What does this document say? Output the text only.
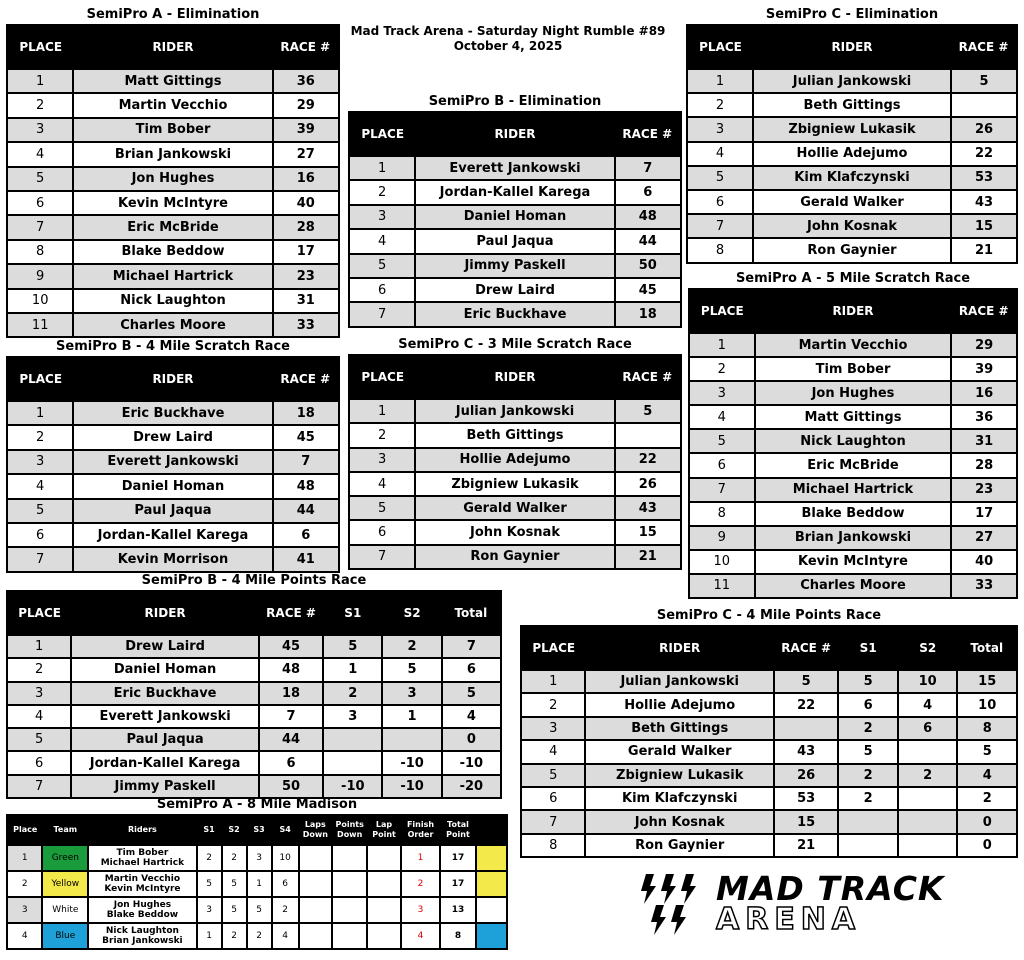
Mad Track Arena - Saturday Night Rumble #89
October 4, 2025
SemiPro A - Elimination
PLACE	RIDER	RACE #
1	Matt Gittings	36
2	Martin Vecchio	29
3	Tim Bober	39
4	Brian Jankowski	27
5	Jon Hughes	16
6	Kevin McIntyre	40
7	Eric McBride	28
8	Blake Beddow	17
9	Michael Hartrick	23
10	Nick Laughton	31
11	Charles Moore	33
SemiPro B - Elimination
PLACE	RIDER	RACE #
1	Everett Jankowski	7
2	Jordan-Kallel Karega	6
3	Daniel Homan	48
4	Paul Jaqua	44
5	Jimmy Paskell	50
6	Drew Laird	45
7	Eric Buckhave	18
SemiPro C - Elimination
PLACE	RIDER	RACE #
1	Julian Jankowski	5
2	Beth Gittings	
3	Zbigniew Lukasik	26
4	Hollie Adejumo	22
5	Kim Klafczynski	53
6	Gerald Walker	43
7	John Kosnak	15
8	Ron Gaynier	21
SemiPro A - 5 Mile Scratch Race
PLACE	RIDER	RACE #
1	Martin Vecchio	29
2	Tim Bober	39
3	Jon Hughes	16
4	Matt Gittings	36
5	Nick Laughton	31
6	Eric McBride	28
7	Michael Hartrick	23
8	Blake Beddow	17
9	Brian Jankowski	27
10	Kevin McIntyre	40
11	Charles Moore	33
SemiPro B - 4 Mile Scratch Race
PLACE	RIDER	RACE #
1	Eric Buckhave	18
2	Drew Laird	45
3	Everett Jankowski	7
4	Daniel Homan	48
5	Paul Jaqua	44
6	Jordan-Kallel Karega	6
7	Kevin Morrison	41
SemiPro C - 3 Mile Scratch Race
PLACE	RIDER	RACE #
1	Julian Jankowski	5
2	Beth Gittings	
3	Hollie Adejumo	22
4	Zbigniew Lukasik	26
5	Gerald Walker	43
6	John Kosnak	15
7	Ron Gaynier	21
SemiPro B - 4 Mile Points Race
PLACE	RIDER	RACE #	S1	S2	Total
1	Drew Laird	45	5	2	7
2	Daniel Homan	48	1	5	6
3	Eric Buckhave	18	2	3	5
4	Everett Jankowski	7	3	1	4
5	Paul Jaqua	44			0
6	Jordan-Kallel Karega	6		-10	-10
7	Jimmy Paskell	50	-10	-10	-20
SemiPro C - 4 Mile Points Race
PLACE	RIDER	RACE #	S1	S2	Total
1	Julian Jankowski	5	5	10	15
2	Hollie Adejumo	22	6	4	10
3	Beth Gittings		2	6	8
4	Gerald Walker	43	5		5
5	Zbigniew Lukasik	26	2	2	4
6	Kim Klafczynski	53	2		2
7	John Kosnak	15			0
8	Ron Gaynier	21			0
SemiPro A - 8 Mile Madison
Place	Team	Riders	S1	S2	S3	S4	Laps Down	Points Down	Lap Point	Finish Order	Total Point	
1	Green	Tim Bober
Michael Hartrick	2	2	3	10				1	17	
2	Yellow	Martin Vecchio
Kevin McIntyre	5	5	1	6				2	17	
3	White	Jon Hughes
Blake Beddow	3	5	5	2				3	13	
4	Blue	Nick Laughton
Brian Jankowski	1	2	2	4				4	8	
MAD TRACK
ARENA
